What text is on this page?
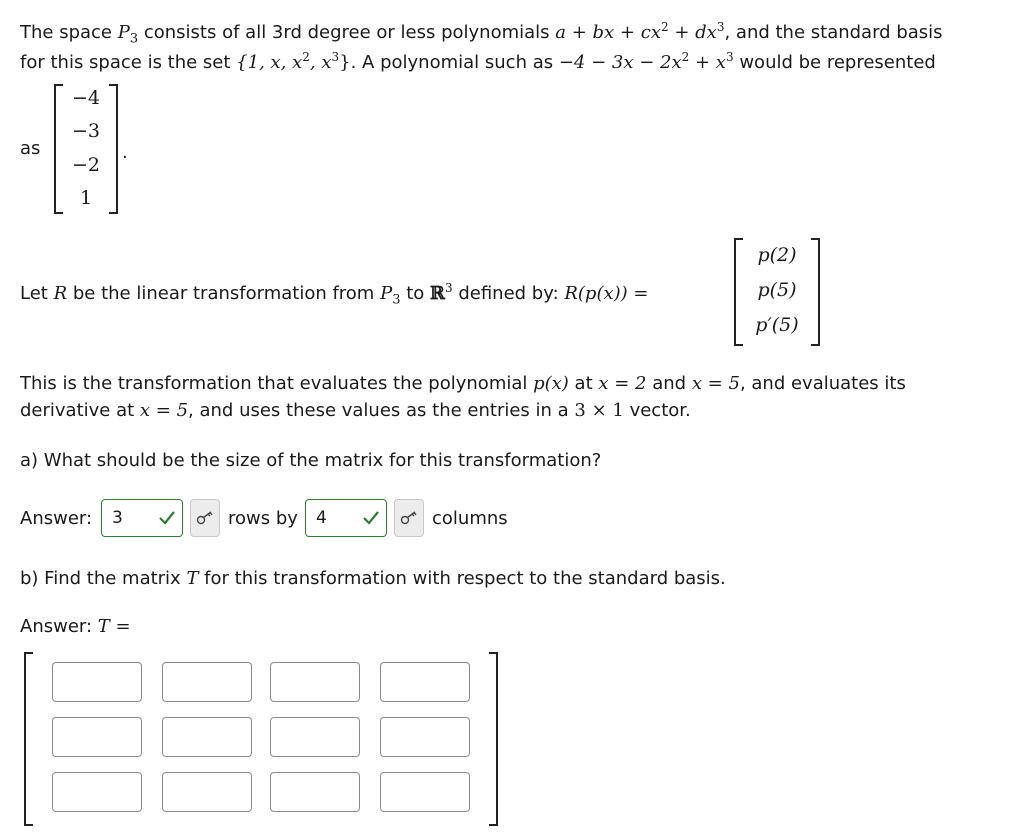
The space $P_3$ consists of all 3rd degree or less polynomials a + bx + $cx^2 + dx^3$, and the standard basis
for this space is the set {1, x, $x^2$, $x^3$}. A polynomial such as $-4 - 3x - 2x^2 + x^3$ would be represented
as
−4
−3
−2
1
.
Let R be the linear transformation from $P_3$ to ℝ$^3$ defined by: R(p(x)) =
p(2)
p(5)
p′(5)
This is the transformation that evaluates the polynomial p(x) at x = 2 and x = 5, and evaluates its
derivative at x = 5, and uses these values as the entries in a 3 × 1 vector.
a) What should be the size of the matrix for this transformation?
Answer:
3	rows by
4	columns
b) Find the matrix T for this transformation with respect to the standard basis.
Answer: T =
